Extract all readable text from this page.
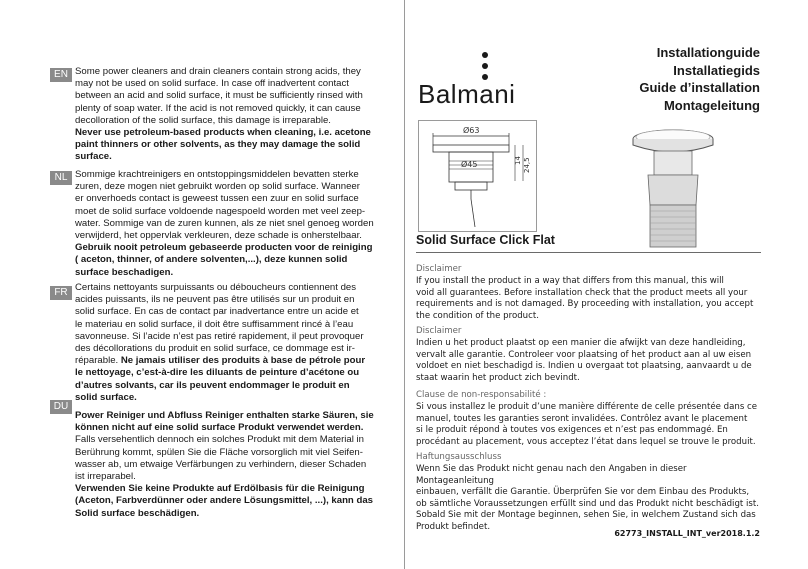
EN Some power cleaners and drain cleaners contain strong acids, they

may not be used on solid surface. In case off inadvertent contact

between an acid and solid surface, it must be sufficiently rinsed with

plenty of soap water. If the acid is not removed quickly, it can cause

decolloration of the solid surface, this damage is irreparable.

Never use petroleum-based products when cleaning, i.e. acetone

paint thinners or other solvents, as they may damage the solid

surface.

NL Sommige krachtreinigers en ontstoppingsmiddelen bevatten sterke

zuren, deze mogen niet gebruikt worden op solid surface. Wanneer

er onverhoeds contact is geweest tussen een zuur en solid surface

moet de solid surface voldoende nagespoeld worden met veel zeep-

water. Sommige van de zuren kunnen, als ze niet snel genoeg worden

verwijderd, het oppervlak verkleuren, deze schade is onherstelbaar.

Gebruik nooit petroleum gebaseerde producten voor de reiniging

( aceton, thinner, of andere solventen,...), deze kunnen solid

surface beschadigen.

FR Certains nettoyants surpuissants ou déboucheurs contiennent des

acides puissants, ils ne peuvent pas être utilisés sur un produit en

solid surface. En cas de contact par inadvertance entre un acide et

le materiau en solid surface, il doit être suffisamment rincé à l’eau

savonneuse. Si l’acide n’est pas retiré rapidement, il peut provoquer

des décollorations du produit en solid surface, ce dommage est ir-

réparable. Ne jamais utiliser des produits à base de pétrole pour

le nettoyage, c’est-à-dire les diluants de peinture d’acétone ou

d’autres solvants, car ils peuvent endommager le produit en

solid surface.

DU

Power Reiniger und Abfluss Reiniger enthalten starke Säuren, sie

können nicht auf eine solid surface Produkt verwendet werden.

Falls versehentlich dennoch ein solches Produkt mit dem Material in

Berührung kommt, spülen Sie die Fläche vorsorglich mit viel Seifen-

wasser ab, um etwaige Verfärbungen zu verhindern, dieser Schaden

ist irreparabel.

Verwenden Sie keine Produkte auf Erdölbasis für die Reinigung

(Aceton, Farbverdünner oder andere Lösungsmittel, ...), kann das

Solid surface beschädigen.

Balmani
Installationguide
Installatiegids
Guide d’installation
Montageleitung
Ø63
Ø45	14 24,5
Solid Surface Click Flat

Disclaimer

If you install the product in a way that differs from this manual, this will

void all guarantees. Before installation check that the product meets all your

requirements and is not damaged. By proceeding with installation, you accept

the condition of the product.

Disclaimer

Indien u het product plaatst op een manier die afwijkt van deze handleiding,

vervalt alle garantie. Controleer voor plaatsing of het product aan al uw eisen

voldoet en niet beschadigd is. Indien u overgaat tot plaatsing, aanvaardt u de

staat waarin het product zich bevindt.

Clause de non-responsabilité :

Si vous installez le produit d’une manière différente de celle présentée dans ce

manuel, toutes les garanties seront invalidées. Contrôlez avant le placement

si le produit répond à toutes vos exigences et n’est pas endommagé. En

procédant au placement, vous acceptez l’état dans lequel se trouve le produit.

Haftungsausschluss

Wenn Sie das Produkt nicht genau nach den Angaben in dieser Montageanleitung

einbauen, verfällt die Garantie. Überprüfen Sie vor dem Einbau des Produkts,

ob sämtliche Voraussetzungen erfüllt sind und das Produkt nicht beschädigt ist.

Sobald Sie mit der Montage beginnen, sehen Sie, in welchem Zustand sich das

Produkt befindet.

62773_INSTALL_INT_ver2018.1.2
